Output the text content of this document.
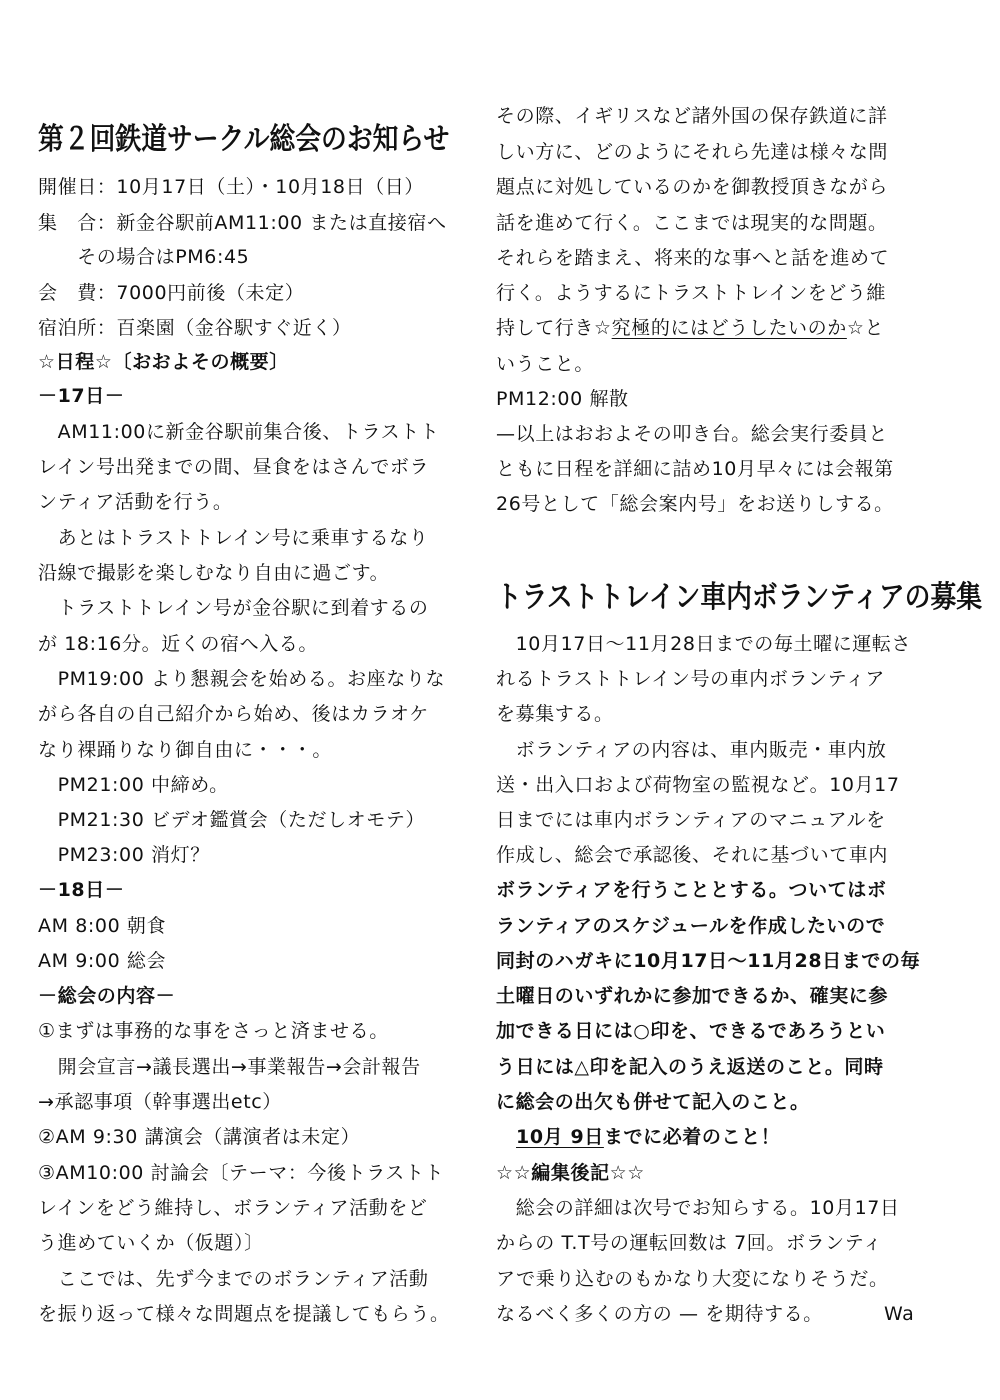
第２回鉄道サークル総会のお知らせ
開催日：10月17日（土）・10月18日（日）
集　合：新金谷駅前AM11:00 または直接宿へ
　　その場合はPM6:45
会　費：7000円前後（未定）
宿泊所：百楽園（金谷駅すぐ近く）
☆日程☆〔おおよその概要〕
－17日－
　AM11:00に新金谷駅前集合後、トラストト
レイン号出発までの間、昼食をはさんでボラ
ンティア活動を行う。
　あとはトラストトレイン号に乗車するなり
沿線で撮影を楽しむなり自由に過ごす。
　トラストトレイン号が金谷駅に到着するの
が 18:16分。近くの宿へ入る。
　PM19:00 より懇親会を始める。お座なりな
がら各自の自己紹介から始め、後はカラオケ
なり裸踊りなり御自由に・・・。
　PM21:00 中締め。
　PM21:30 ビデオ鑑賞会（ただしオモテ）
　PM23:00 消灯？
－18日－
AM 8:00 朝食
AM 9:00 総会
－総会の内容－
①まずは事務的な事をさっと済ませる。
　開会宣言→議長選出→事業報告→会計報告
→承認事項（幹事選出etc）
②AM 9:30 講演会（講演者は未定）
③AM10:00 討論会〔テーマ：今後トラストト
レインをどう維持し、ボランティア活動をど
う進めていくか（仮題）〕
　ここでは、先ず今までのボランティア活動
を振り返って様々な問題点を提議してもらう。
その際、イギリスなど諸外国の保存鉄道に詳
しい方に、どのようにそれら先達は様々な問
題点に対処しているのかを御教授頂きながら
話を進めて行く。ここまでは現実的な問題。
それらを踏まえ、将来的な事へと話を進めて
行く。ようするにトラストトレインをどう維
持して行き☆究極的にはどうしたいのか☆と
いうこと。
PM12:00 解散
—以上はおおよその叩き台。総会実行委員と
ともに日程を詳細に詰め10月早々には会報第
26号として「総会案内号」をお送りしする。
トラストトレイン車内ボランティアの募集
　10月17日～11月28日までの毎土曜に運転さ
れるトラストトレイン号の車内ボランティア
を募集する。
　ボランティアの内容は、車内販売・車内放
送・出入口および荷物室の監視など。10月17
日までには車内ボランティアのマニュアルを
作成し、総会で承認後、それに基づいて車内
ボランティアを行うこととする。ついてはボ
ランティアのスケジュールを作成したいので
同封のハガキに10月17日～11月28日までの毎
土曜日のいずれかに参加できるか、確実に参
加できる日には○印を、できるであろうとい
う日には△印を記入のうえ返送のこと。同時
に総会の出欠も併せて記入のこと。
10月 9日までに必着のこと！
☆☆編集後記☆☆
　総会の詳細は次号でお知らする。10月17日
からの T.T号の運転回数は 7回。ボランティ
アで乗り込むのもかなり大変になりそうだ。
なるべく多くの方の — を期待する。	Wa
